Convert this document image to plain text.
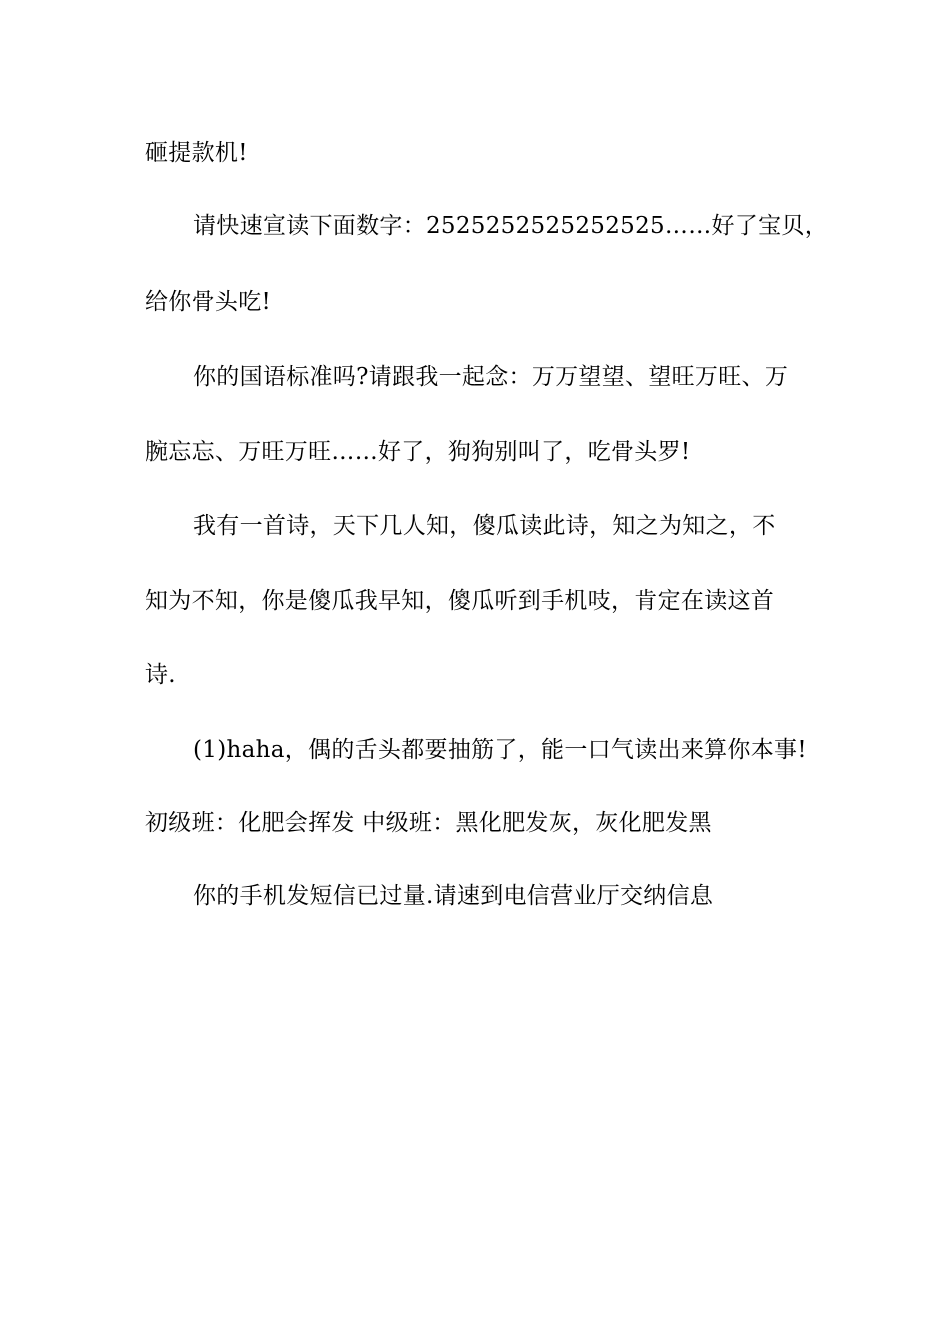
砸提款机!
请快速宣读下面数字：2525252525252525……好了宝贝，
给你骨头吃!
你的国语标准吗?请跟我一起念：万万望望、望旺万旺、万
腕忘忘、万旺万旺……好了，狗狗别叫了，吃骨头罗!
我有一首诗，天下几人知，傻瓜读此诗，知之为知之，不
知为不知，你是傻瓜我早知，傻瓜听到手机吱，肯定在读这首
诗.
(1)haha，偶的舌头都要抽筋了，能一口气读出来算你本事!
初级班：化肥会挥发 中级班：黑化肥发灰，灰化肥发黑
你的手机发短信已过量.请速到电信营业厅交纳信息
